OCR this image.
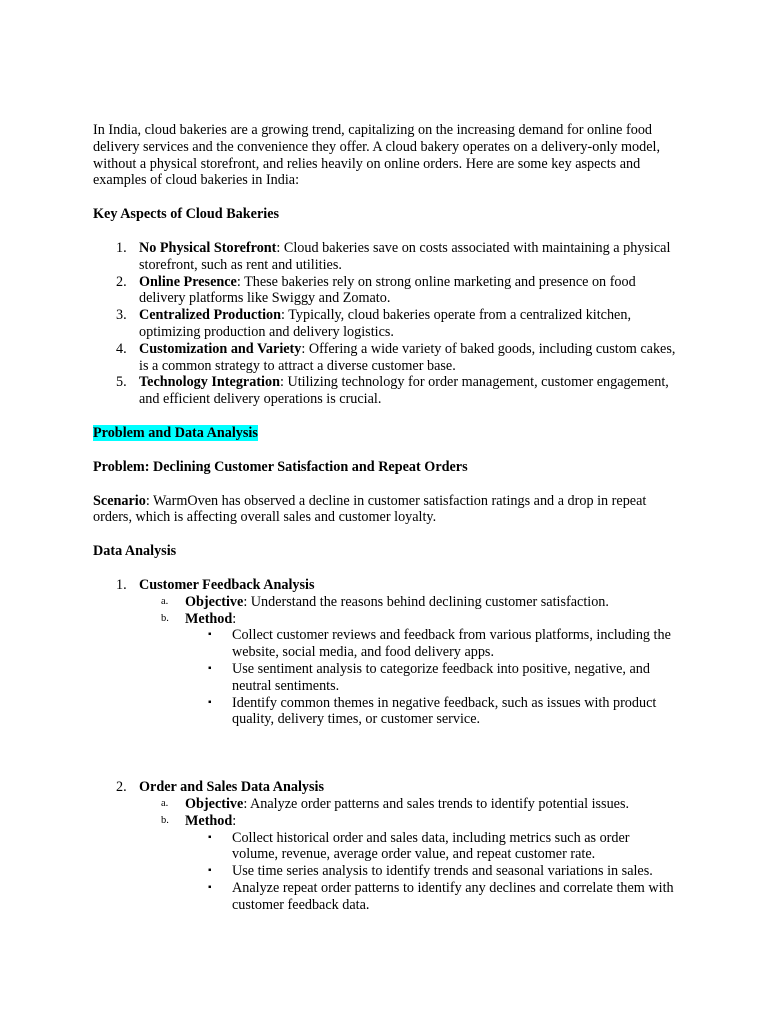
In India, cloud bakeries are a growing trend, capitalizing on the increasing demand for online food delivery services and the convenience they offer. A cloud bakery operates on a delivery-only model, without a physical storefront, and relies heavily on online orders. Here are some key aspects and examples of cloud bakeries in India:

Key Aspects of Cloud Bakeries

1. No Physical Storefront: Cloud bakeries save on costs associated with maintaining a physical storefront, such as rent and utilities.
2. Online Presence: These bakeries rely on strong online marketing and presence on food delivery platforms like Swiggy and Zomato.
3. Centralized Production: Typically, cloud bakeries operate from a centralized kitchen, optimizing production and delivery logistics.
4. Customization and Variety: Offering a wide variety of baked goods, including custom cakes, is a common strategy to attract a diverse customer base.
5. Technology Integration: Utilizing technology for order management, customer engagement, and efficient delivery operations is crucial.

Problem and Data Analysis

Problem: Declining Customer Satisfaction and Repeat Orders

Scenario: WarmOven has observed a decline in customer satisfaction ratings and a drop in repeat orders, which is affecting overall sales and customer loyalty.

Data Analysis

1. Customer Feedback Analysis
a. Objective: Understand the reasons behind declining customer satisfaction.
b. Method:
▪ Collect customer reviews and feedback from various platforms, including the website, social media, and food delivery apps.
▪ Use sentiment analysis to categorize feedback into positive, negative, and neutral sentiments.
▪ Identify common themes in negative feedback, such as issues with product quality, delivery times, or customer service.
2. Order and Sales Data Analysis
a. Objective: Analyze order patterns and sales trends to identify potential issues.
b. Method:
▪ Collect historical order and sales data, including metrics such as order volume, revenue, average order value, and repeat customer rate.
▪ Use time series analysis to identify trends and seasonal variations in sales.
▪ Analyze repeat order patterns to identify any declines and correlate them with customer feedback data.
